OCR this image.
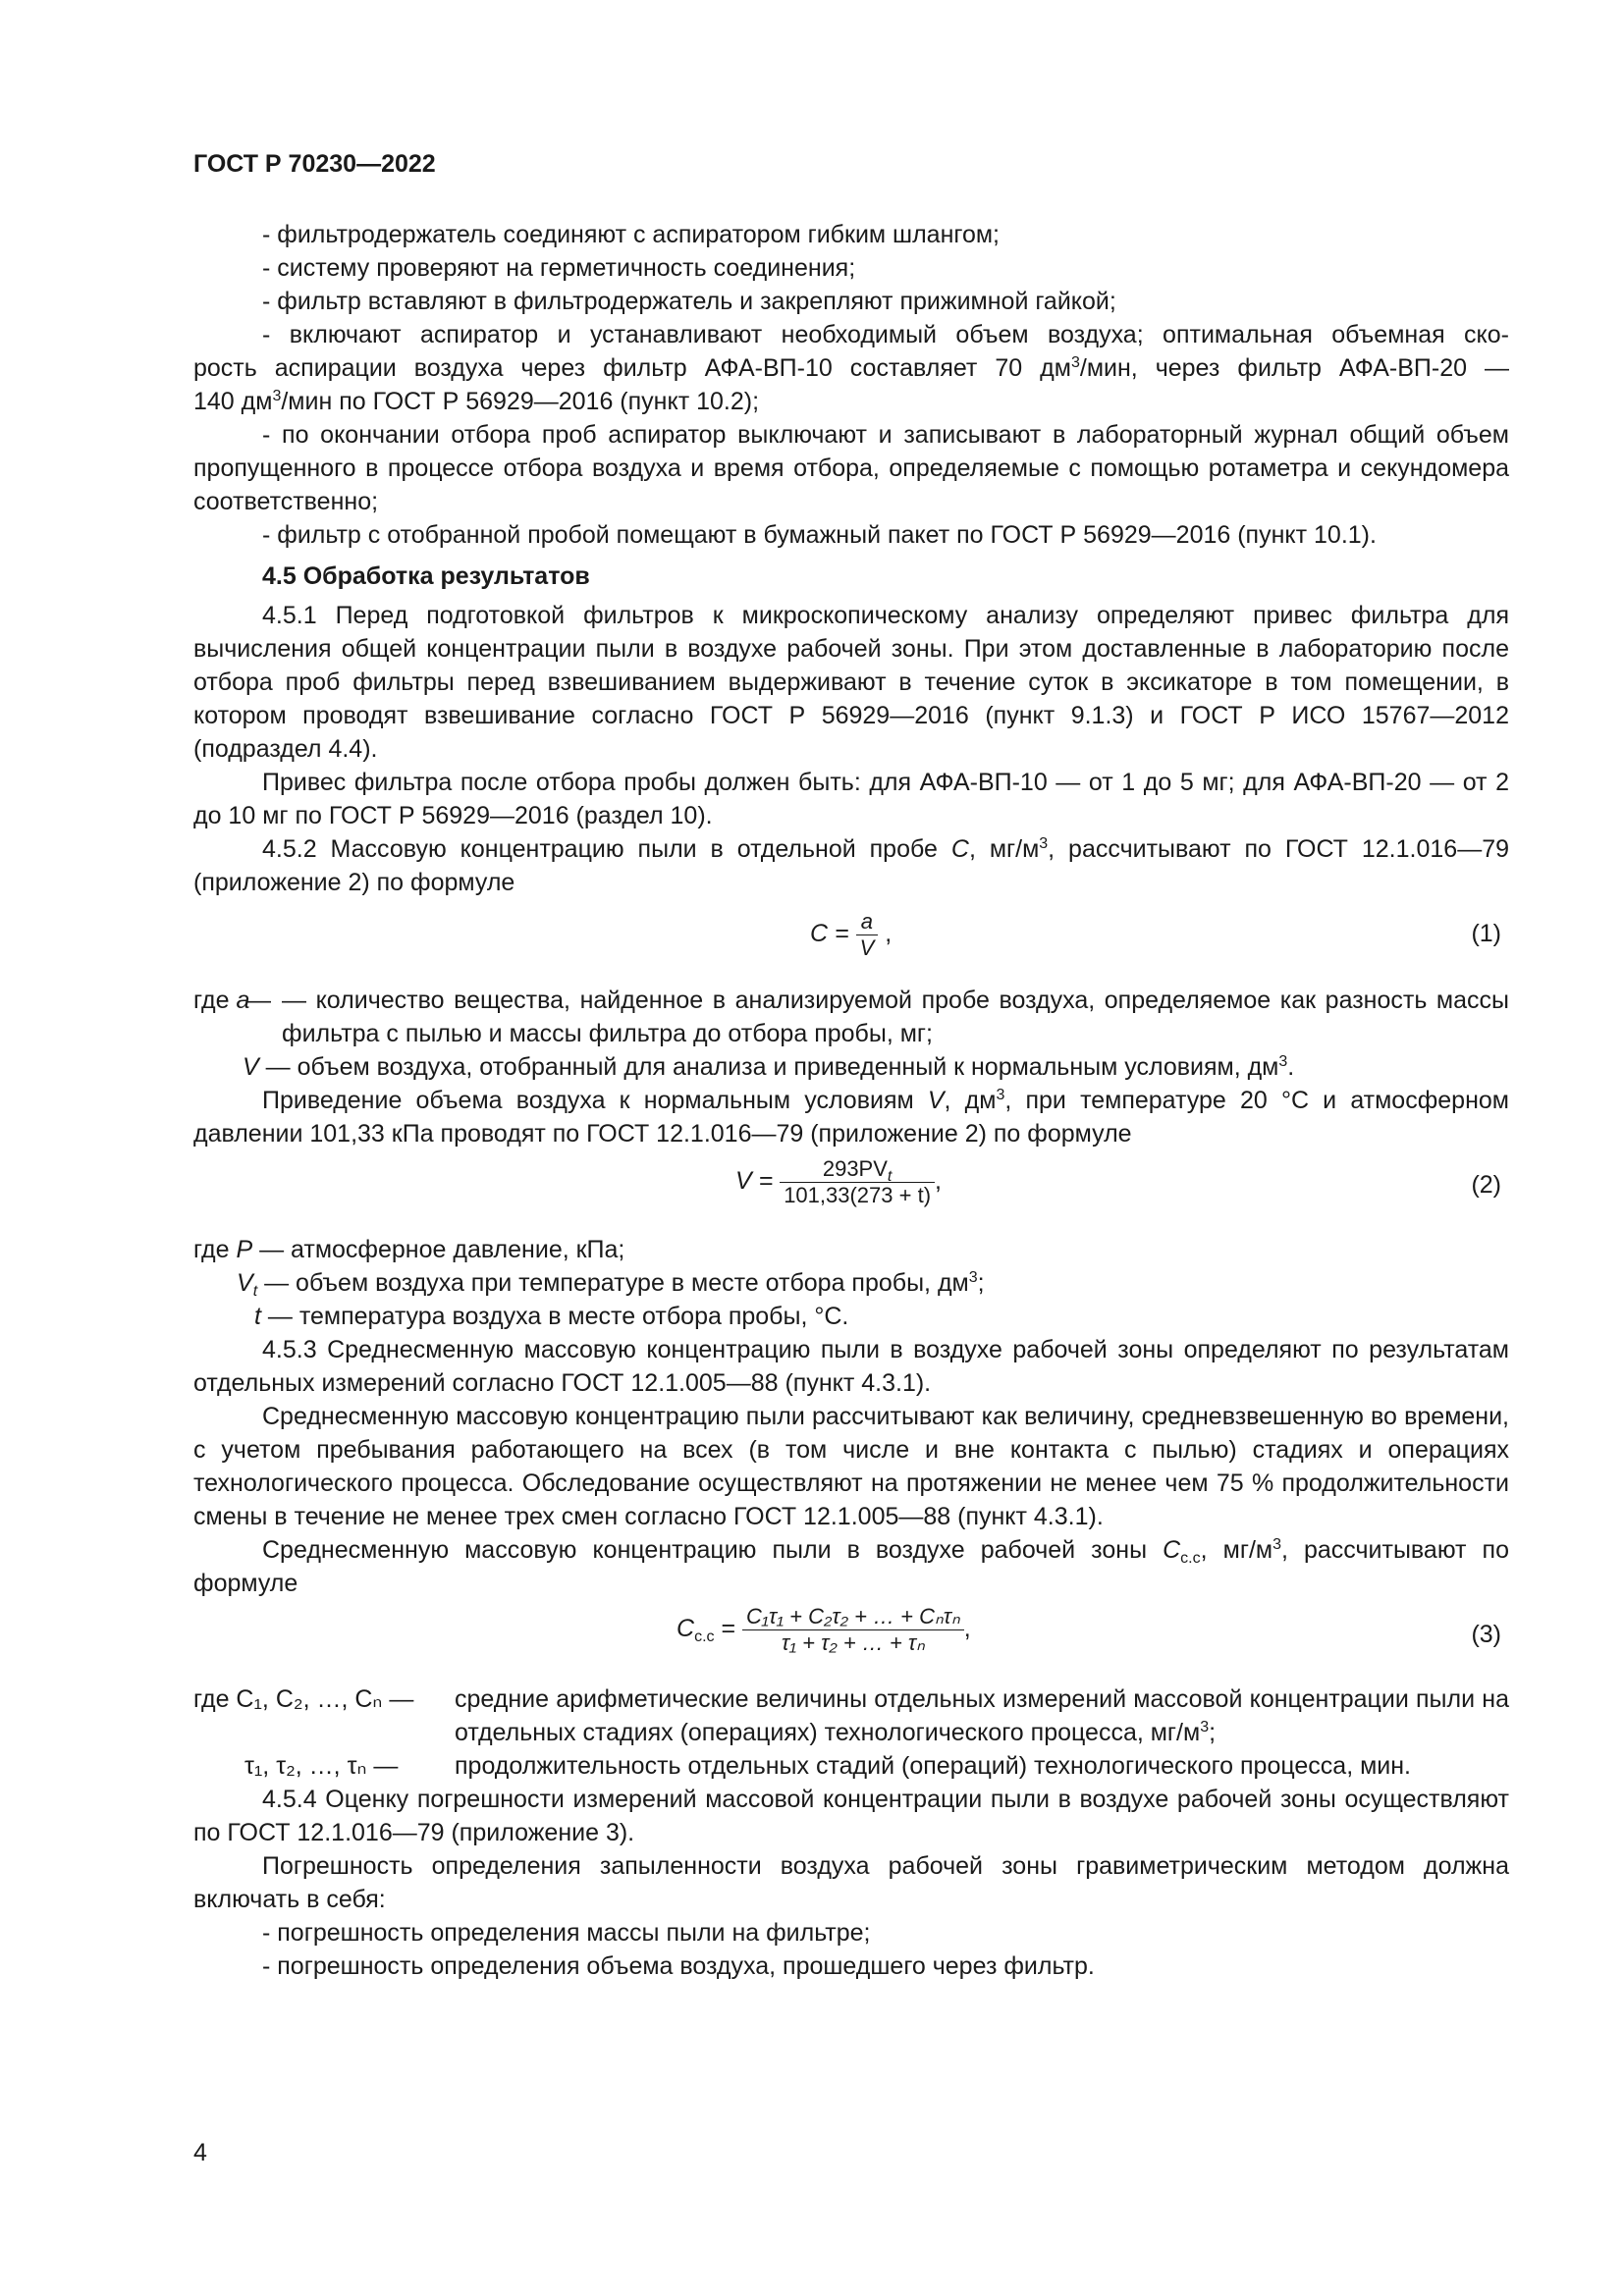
ГОСТ Р 70230—2022

- фильтродержатель соединяют с аспиратором гибким шлангом;

- систему проверяют на герметичность соединения;

- фильтр вставляют в фильтродержатель и закрепляют прижимной гайкой;

- включают аспиратор и устанавливают необходимый объем воздуха; оптимальная объемная ско-

рость аспирации воздуха через фильтр АФА-ВП-10 составляет 70 $дм^3$/мин, через фильтр АФА-ВП-20 —

140 $дм^3$/мин по ГОСТ Р 56929—2016 (пункт 10.2);

- по окончании отбора проб аспиратор выключают и записывают в лабораторный журнал общий объем пропущенного в процессе отбора воздуха и время отбора, определяемые с помощью ротаметра и секундомера соответственно;

- фильтр с отобранной пробой помещают в бумажный пакет по ГОСТ Р 56929—2016 (пункт 10.1).

4.5 Обработка результатов

4.5.1 Перед подготовкой фильтров к микроскопическому анализу определяют привес фильтра для вычисления общей концентрации пыли в воздухе рабочей зоны. При этом доставленные в лабораторию после отбора проб фильтры перед взвешиванием выдерживают в течение суток в эксикаторе в том помещении, в котором проводят взвешивание согласно ГОСТ Р 56929—2016 (пункт 9.1.3) и ГОСТ Р ИСО 15767—2012 (подраздел 4.4).

Привес фильтра после отбора пробы должен быть: для АФА-ВП-10 — от 1 до 5 мг; для АФА-ВП-20 — от 2 до 10 мг по ГОСТ Р 56929—2016 (раздел 10).

4.5.2 Массовую концентрацию пыли в отдельной пробе C, $мг/м^3$, рассчитывают по ГОСТ 12.1.016—79 (приложение 2) по формуле

$C = \frac{a}{V}$ ,	(1)
где a
— — количество вещества, найденное в анализируемой пробе воздуха, определяемое как разность массы фильтра с пылью и массы фильтра до отбора пробы, мг;
V — объем воздуха, отобранный для анализа и приведенный к нормальным условиям, $дм^3$.

Приведение объема воздуха к нормальным условиям V, $дм^3$, при температуре 20 °С и атмосферном давлении 101,33 кПа проводят по ГОСТ 12.1.016—79 (приложение 2) по формуле

$V = \frac{293PV_t}{101,33(273 + t)}$ ,	(2)

где P — атмосферное давление, кПа;

$V_t$ — объем воздуха при температуре в месте отбора пробы, $дм^3$;

t — температура воздуха в месте отбора пробы, °С.

4.5.3 Среднесменную массовую концентрацию пыли в воздухе рабочей зоны определяют по результатам отдельных измерений согласно ГОСТ 12.1.005—88 (пункт 4.3.1).

Среднесменную массовую концентрацию пыли рассчитывают как величину, средневзвешенную во времени, с учетом пребывания работающего на всех (в том числе и вне контакта с пылью) стадиях и операциях технологического процесса. Обследование осуществляют на протяжении не менее чем 75 % продолжительности смены в течение не менее трех смен согласно ГОСТ 12.1.005—88 (пункт 4.3.1).

Среднесменную массовую концентрацию пыли в воздухе рабочей зоны $C_{с.с}$, $мг/м^3$, рассчитывают по формуле

$C_{с.с} = \frac{\text{C₁τ₁ + C₂τ₂ + … + Cₙτₙ}}{\text{τ₁ + τ₂ + … + τₙ}}$ ,	(3)
где C₁, C₂, …, Cₙ — средние арифметические величины отдельных измерений массовой концентрации пыли на отдельных стадиях (операциях) технологического процесса, $мг/м^3$;
τ₁, τ₂, …, τₙ — продолжительность отдельных стадий (операций) технологического процесса, мин.

4.5.4 Оценку погрешности измерений массовой концентрации пыли в воздухе рабочей зоны осуществляют по ГОСТ 12.1.016—79 (приложение 3).

Погрешность определения запыленности воздуха рабочей зоны гравиметрическим методом должна включать в себя:

- погрешность определения массы пыли на фильтре;

- погрешность определения объема воздуха, прошедшего через фильтр.

4
